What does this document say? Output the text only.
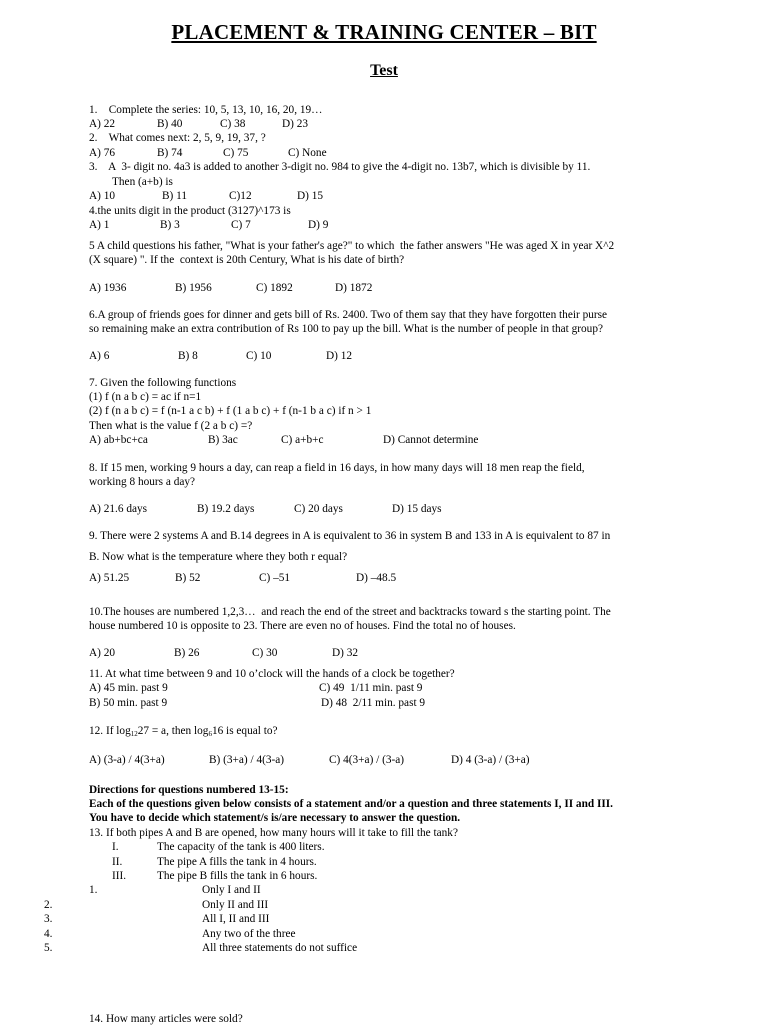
PLACEMENT & TRAINING CENTER – BIT
Test
1.    Complete the series: 10, 5, 13, 10, 16, 20, 19…
A) 22	B) 40	C) 38	D) 23
2.    What comes next: 2, 5, 9, 19, 37, ?
A) 76	B) 74	C) 75	C) None
3.    A  3- digit no. 4a3 is added to another 3-digit no. 984 to give the 4-digit no. 13b7, which is divisible by 11.
Then (a+b) is
A) 10	B) 11	C)12	D) 15
4.the units digit in the product (3127)^173 is
A) 1	B) 3	C) 7	D) 9
5 A child questions his father, "What is your father's age?" to which  the father answers "He was aged X in year X^2
(X square) ". If the  context is 20th Century, What is his date of birth?
A) 1936	B) 1956	C) 1892	D) 1872
6.A group of friends goes for dinner and gets bill of Rs. 2400. Two of them say that they have forgotten their purse
so remaining make an extra contribution of Rs 100 to pay up the bill. What is the number of people in that group?
A) 6	B) 8	C) 10	D) 12
7. Given the following functions
(1) f (n a b c) = ac if n=1
(2) f (n a b c) = f (n-1 a c b) + f (1 a b c) + f (n-1 b a c) if n > 1
Then what is the value f (2 a b c) =?
A) ab+bc+ca	B) 3ac	C) a+b+c	D) Cannot determine
8. If 15 men, working 9 hours a day, can reap a field in 16 days, in how many days will 18 men reap the field,
working 8 hours a day?
A) 21.6 days	B) 19.2 days	C) 20 days	D) 15 days
9. There were 2 systems A and B.14 degrees in A is equivalent to 36 in system B and 133 in A is equivalent to 87 in
B. Now what is the temperature where they both r equal?
A) 51.25	B) 52	C) –51	D) –48.5
10.The houses are numbered 1,2,3…  and reach the end of the street and backtracks toward s the starting point. The
house numbered 10 is opposite to 23. There are even no of houses. Find the total no of houses.
A) 20	B) 26	C) 30	D) 32
11. At what time between 9 and 10 o’clock will the hands of a clock be together?
A) 45 min. past 9	C) 49  1/11 min. past 9
B) 50 min. past 9	D) 48  2/11 min. past 9
12. If $\log_{12}27 = a$, then $\log_616$ is equal to?
A) (3-a) / 4(3+a)	B) (3+a) / 4(3-a)	C) 4(3+a) / (3-a)	D) 4 (3-a) / (3+a)
Directions for questions numbered 13-15:
Each of the questions given below consists of a statement and/or a question and three statements I, II and III.
You have to decide which statement/s is/are necessary to answer the question.
13. If both pipes A and B are opened, how many hours will it take to fill the tank?
I.	The capacity of the tank is 400 liters.
II.	The pipe A fills the tank in 4 hours.
III.	The pipe B fills the tank in 6 hours.
1.	Only I and II
2.	Only II and III
3.	All I, II and III
4.	Any two of the three
5.	All three statements do not suffice
14. How many articles were sold?
